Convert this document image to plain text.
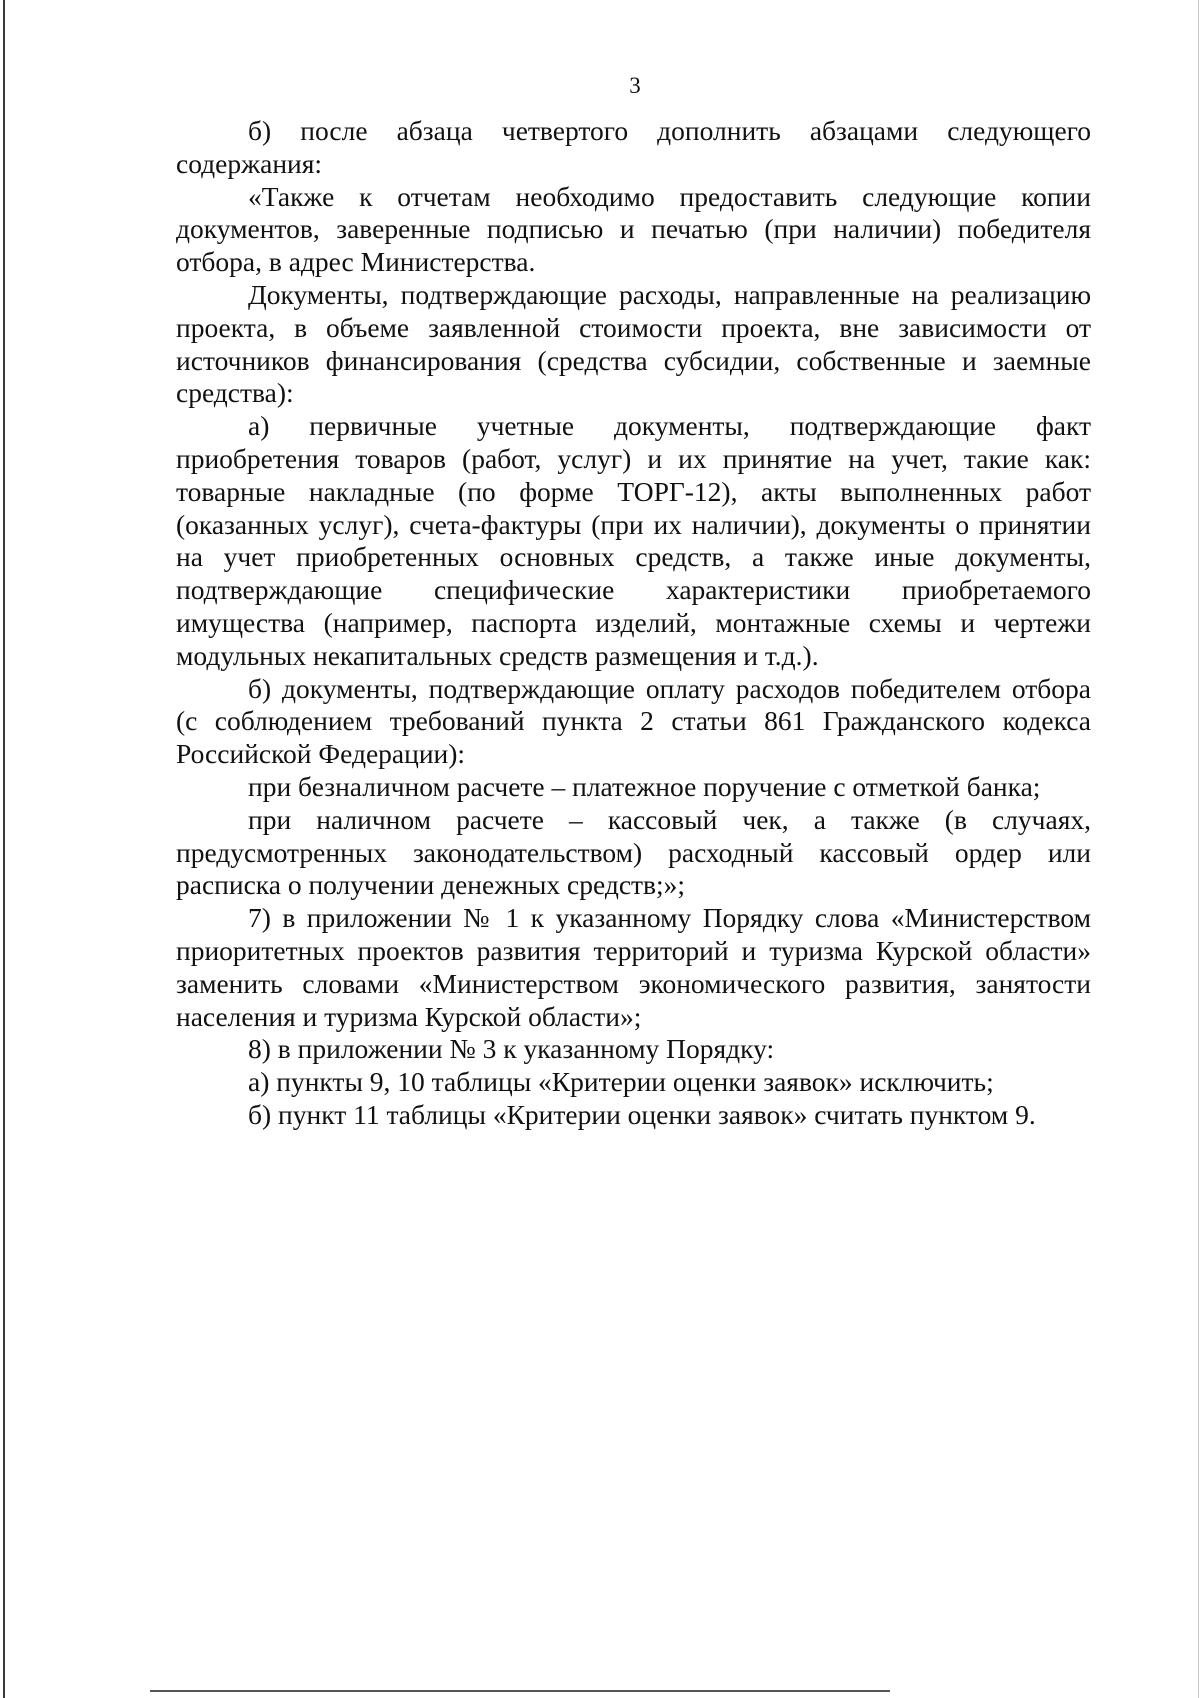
3

б) после абзаца четвертого дополнить абзацами следующего содержания:

«Также к отчетам необходимо предоставить следующие копии документов, заверенные подписью и печатью (при наличии) победителя отбора, в адрес Министерства.

Документы, подтверждающие расходы, направленные на реализацию проекта, в объеме заявленной стоимости проекта, вне зависимости от источников финансирования (средства субсидии, собственные и заемные средства):

а) первичные учетные документы, подтверждающие факт приобретения товаров (работ, услуг) и их принятие на учет, такие как: товарные накладные (по форме ТОРГ-12), акты выполненных работ (оказанных услуг), счета-фактуры (при их наличии), документы о принятии на учет приобретенных основных средств, а также иные документы, подтверждающие специфические характеристики приобретаемого имущества (например, паспорта изделий, монтажные схемы и чертежи модульных некапитальных средств размещения и т.д.).

б) документы, подтверждающие оплату расходов победителем отбора (с соблюдением требований пункта 2 статьи 861 Гражданского кодекса Российской Федерации):

при безналичном расчете – платежное поручение с отметкой банка;

при наличном расчете – кассовый чек, а также (в случаях, предусмотренных законодательством) расходный кассовый ордер или расписка о получении денежных средств;»;

7) в приложении № 1 к указанному Порядку слова «Министерством приоритетных проектов развития территорий и туризма Курской области» заменить словами «Министерством экономического развития, занятости населения и туризма Курской области»;

8) в приложении № 3 к указанному Порядку:

а) пункты 9, 10 таблицы «Критерии оценки заявок» исключить;

б) пункт 11 таблицы «Критерии оценки заявок» считать пунктом 9.
